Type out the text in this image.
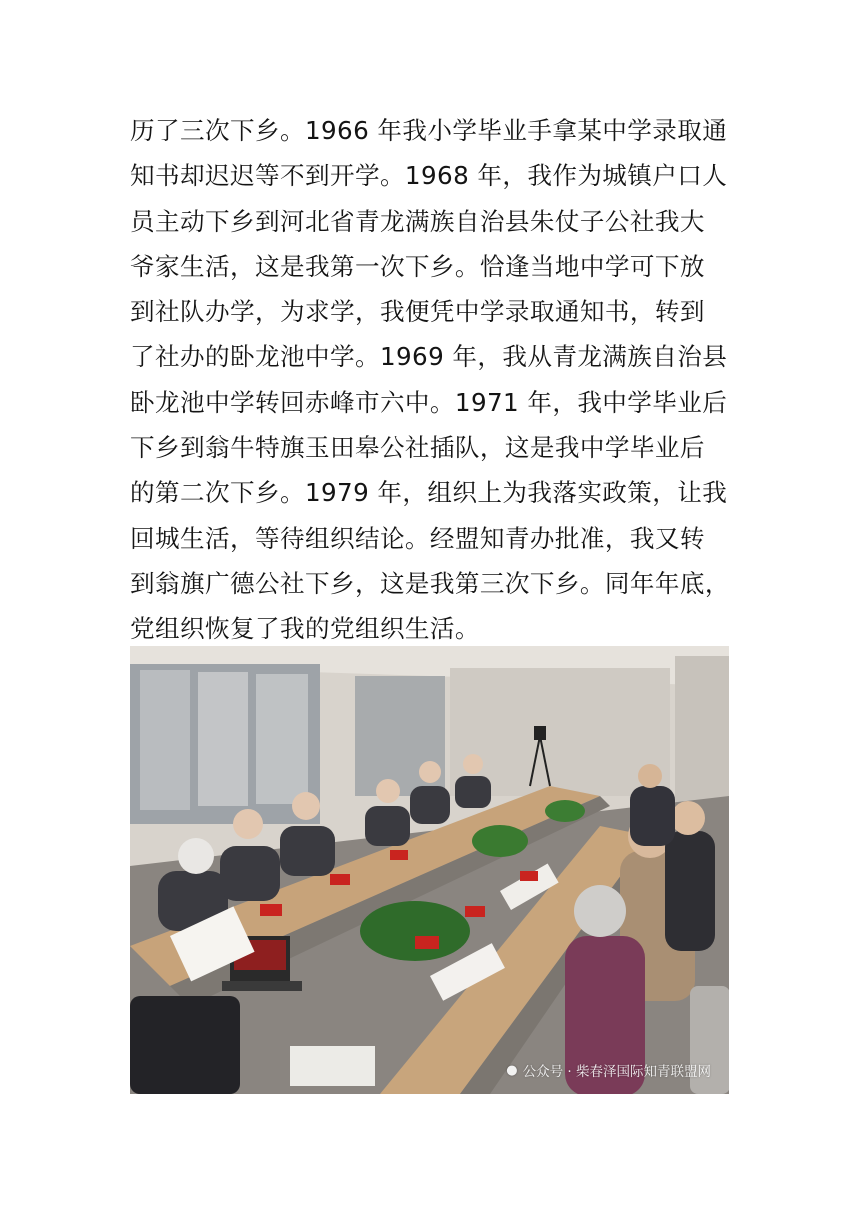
历了三次下乡。1966 年我小学毕业手拿某中学录取通
知书却迟迟等不到开学。1968 年，我作为城镇户口人
员主动下乡到河北省青龙满族自治县朱仗子公社我大
爷家生活，这是我第一次下乡。恰逢当地中学可下放
到社队办学，为求学，我便凭中学录取通知书，转到
了社办的卧龙池中学。1969 年，我从青龙满族自治县
卧龙池中学转回赤峰市六中。1971 年，我中学毕业后
下乡到翁牛特旗玉田皋公社插队，这是我中学毕业后
的第二次下乡。1979 年，组织上为我落实政策，让我
回城生活，等待组织结论。经盟知青办批准，我又转
到翁旗广德公社下乡，这是我第三次下乡。同年年底，
党组织恢复了我的党组织生活。
● 公众号 · 柴春泽国际知青联盟网
